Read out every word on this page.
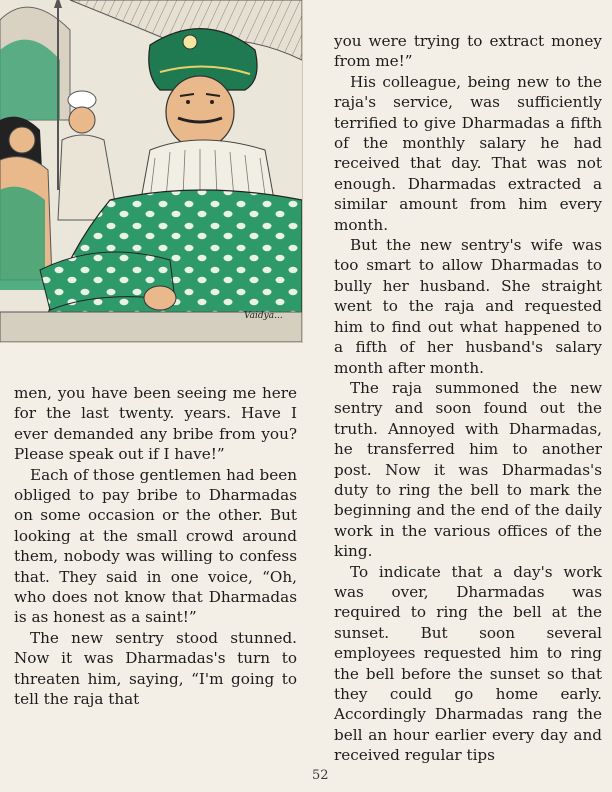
Vaidya...

men, you have been seeing me here for the last twenty. years. Have I ever demanded any bribe from you? Please speak out if I have!”

Each of those gentlemen had been obliged to pay bribe to Dharmadas on some occasion or the other. But looking at the small crowd around them, nobody was willing to confess that. They said in one voice, “Oh, who does not know that Dharmadas is as honest as a saint!”

The new sentry stood stunned. Now it was Dharmadas's turn to threaten him, saying, “I'm going to tell the raja that

you were trying to extract money from me!”

His colleague, being new to the raja's service, was sufficiently terrified to give Dharmadas a fifth of the monthly salary he had received that day. That was not enough. Dharmadas extracted a similar amount from him every month.

But the new sentry's wife was too smart to allow Dharmadas to bully her husband. She straight went to the raja and requested him to find out what happened to a fifth of her husband's salary month after month.

The raja summoned the new sentry and soon found out the truth. Annoyed with Dharmadas, he transferred him to another post. Now it was Dharmadas's duty to ring the bell to mark the beginning and the end of the daily work in the various offices of the king.

To indicate that a day's work was over, Dharmadas was required to ring the bell at the sunset. But soon several employees requested him to ring the bell before the sunset so that they could go home early. Accordingly Dharmadas rang the bell an hour earlier every day and received regular tips

52
